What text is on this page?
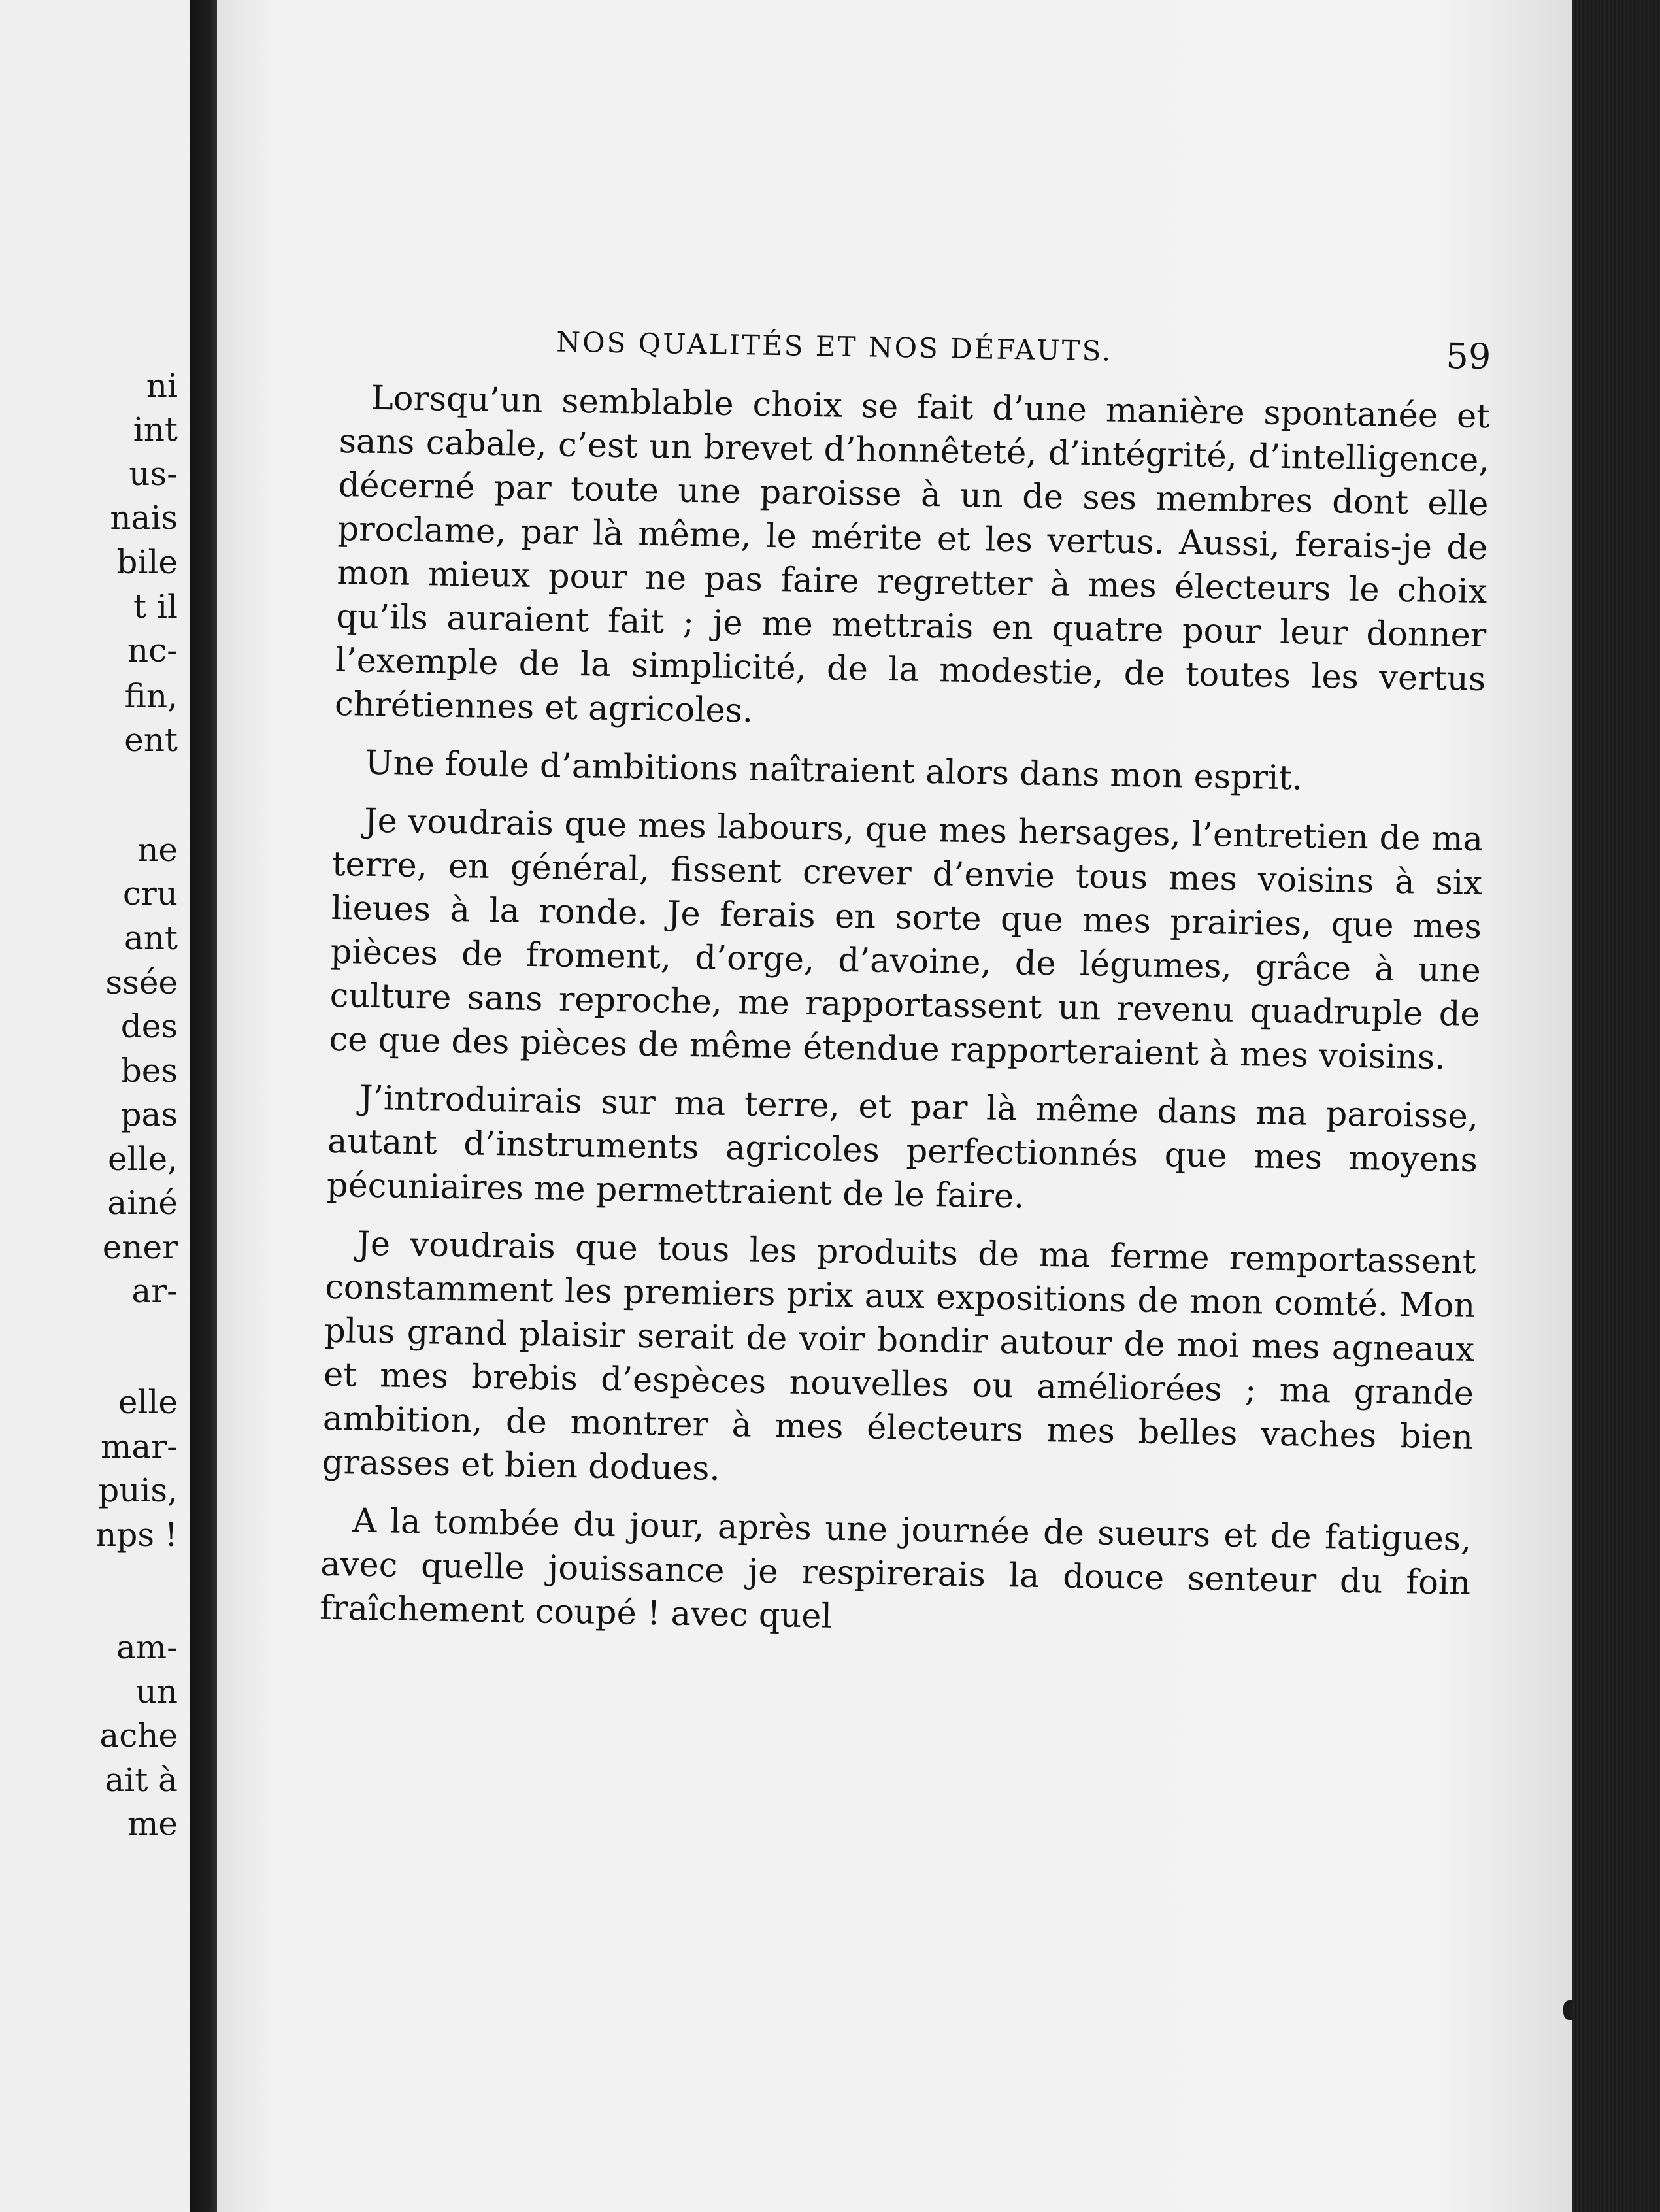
ni
int
us-
nais
bile
t il
nc-
fin,
ent
ne
cru
ant
ssée
des
bes
pas
elle,
ainé
ener
ar-
elle
mar-
puis,
nps !
am-
un
ache
ait à
me
NOS QUALITÉS ET NOS DÉFAUTS.	59

Lorsqu’un semblable choix se fait d’une manière spontanée et sans cabale, c’est un brevet d’honnêteté, d’intégrité, d’intelligence, décerné par toute une paroisse à un de ses membres dont elle proclame, par là même, le mérite et les vertus. Aussi, ferais-je de mon mieux pour ne pas faire regretter à mes électeurs le choix qu’ils auraient fait ; je me mettrais en quatre pour leur donner l’exemple de la simplicité, de la modestie, de toutes les vertus chrétiennes et agricoles.

Une foule d’ambitions naîtraient alors dans mon esprit.

Je voudrais que mes labours, que mes hersages, l’entretien de ma terre, en général, fissent crever d’envie tous mes voisins à six lieues à la ronde. Je ferais en sorte que mes prairies, que mes pièces de froment, d’orge, d’avoine, de légumes, grâce à une culture sans reproche, me rapportassent un revenu quadruple de ce que des pièces de même étendue rapporteraient à mes voisins.

J’introduirais sur ma terre, et par là même dans ma paroisse, autant d’instruments agricoles perfectionnés que mes moyens pécuniaires me permettraient de le faire.

Je voudrais que tous les produits de ma ferme remportassent constamment les premiers prix aux expositions de mon comté. Mon plus grand plaisir serait de voir bondir autour de moi mes agneaux et mes brebis d’espèces nouvelles ou améliorées ; ma grande ambition, de montrer à mes électeurs mes belles vaches bien grasses et bien dodues.

A la tombée du jour, après une journée de sueurs et de fatigues, avec quelle jouissance je respirerais la douce senteur du foin fraîchement coupé ! avec quel
